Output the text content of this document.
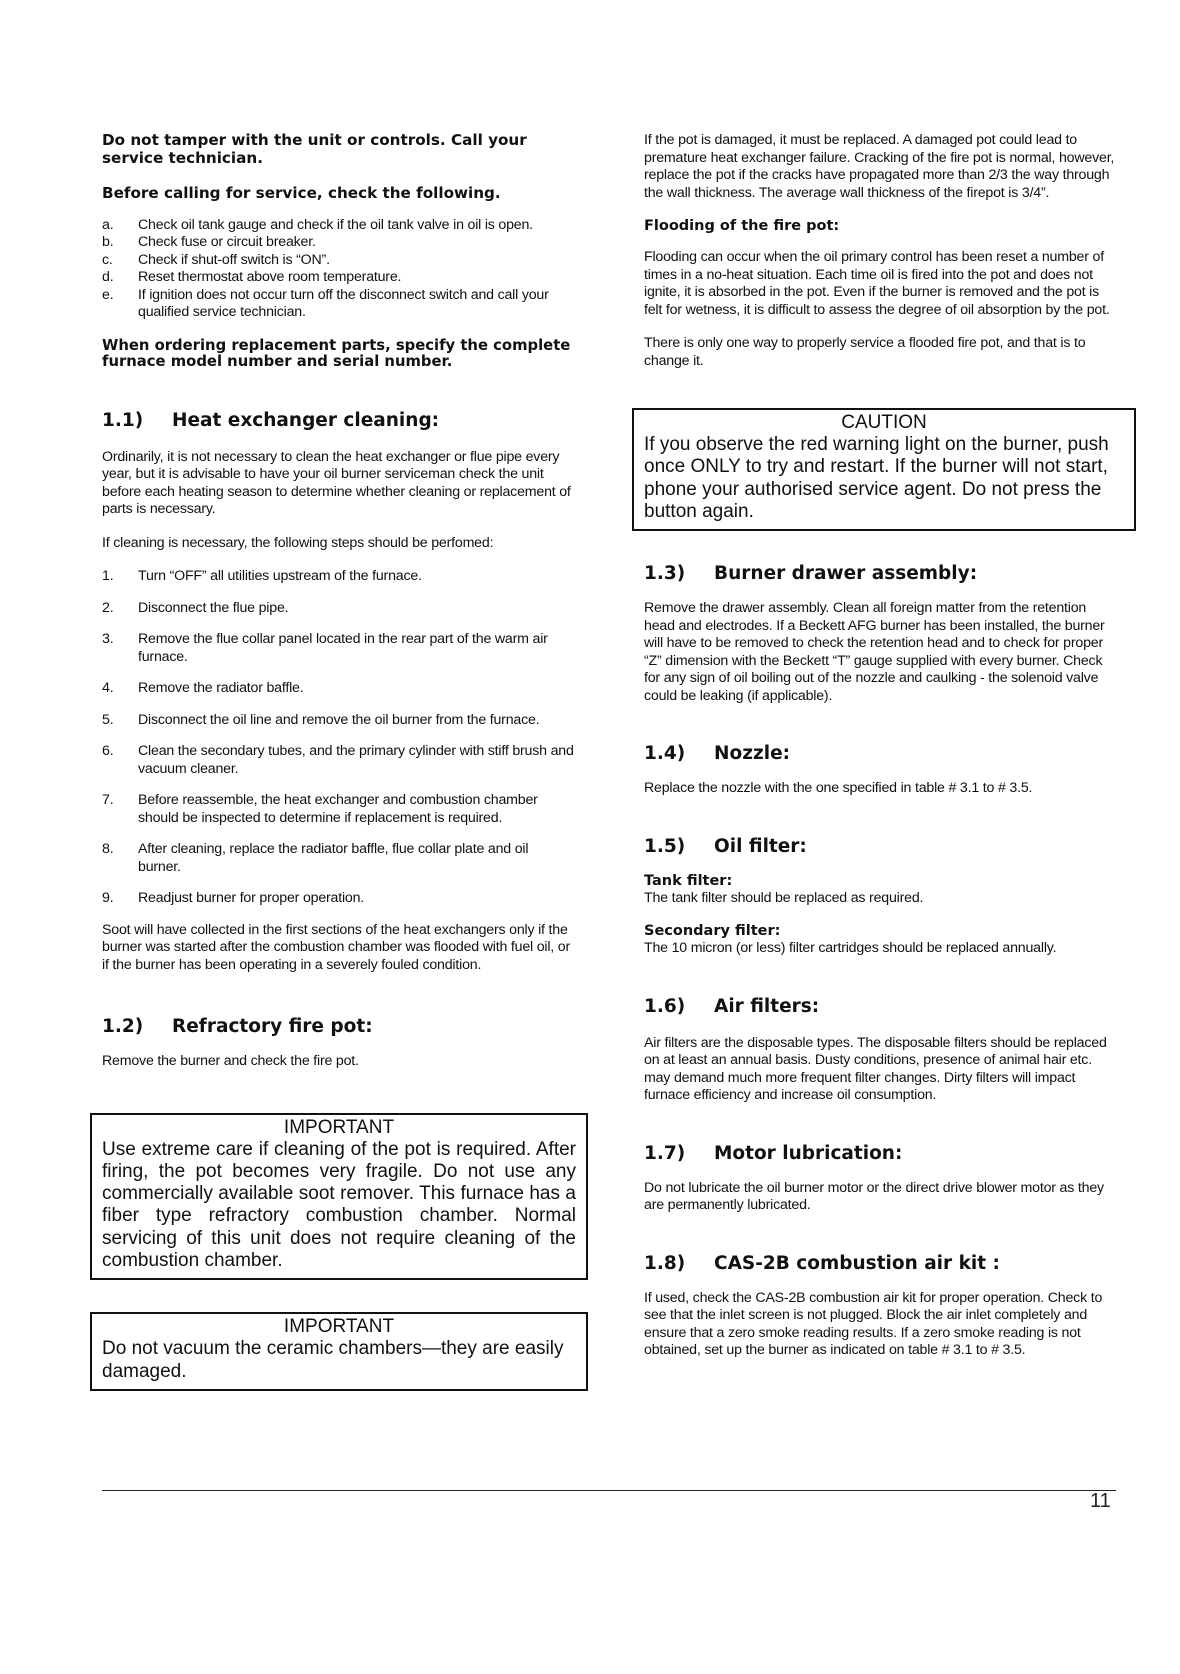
Do not tamper with the unit or controls. Call your service technician.

Before calling for service, check the following.

a. Check oil tank gauge and check if the oil tank valve in oil is open.
b. Check fuse or circuit breaker.
c. Check if shut-off switch is “ON”.
d. Reset thermostat above room temperature.
e. If ignition does not occur turn off the disconnect switch and call your qualified service technician.

When ordering replacement parts, specify the complete furnace model number and serial number.

1.1)	Heat exchanger cleaning:

Ordinarily, it is not necessary to clean the heat exchanger or flue pipe every year, but it is advisable to have your oil burner serviceman check the unit before each heating season to determine whether cleaning or replacement of parts is necessary.

If cleaning is necessary, the following steps should be perfomed:

1. Turn “OFF” all utilities upstream of the furnace.
2. Disconnect the flue pipe.
3. Remove the flue collar panel located in the rear part of the warm air furnace.
4. Remove the radiator baffle.
5. Disconnect the oil line and remove the oil burner from the furnace.
6. Clean the secondary tubes, and the primary cylinder with stiff brush and vacuum cleaner.
7. Before reassemble, the heat exchanger and combustion chamber should be inspected to determine if replacement is required.
8. After cleaning, replace the radiator baffle, flue collar plate and oil burner.
9. Readjust burner for proper operation.

Soot will have collected in the first sections of the heat exchangers only if the burner was started after the combustion chamber was flooded with fuel oil, or if the burner has been operating in a severely fouled condition.

1.2)	Refractory fire pot:

Remove the burner and check the fire pot.

IMPORTANT
Use extreme care if cleaning of the pot is required. After firing, the pot becomes very fragile. Do not use any commercially available soot remover. This furnace has a fiber type refractory combustion chamber. Normal servicing of this unit does not require cleaning of the combustion chamber.
IMPORTANT
Do not vacuum the ceramic chambers—they are easily damaged.

If the pot is damaged, it must be replaced. A damaged pot could lead to premature heat exchanger failure. Cracking of the fire pot is normal, however, replace the pot if the cracks have propagated more than 2/3 the way through the wall thickness. The average wall thickness of the firepot is 3/4”.

Flooding of the fire pot:

Flooding can occur when the oil primary control has been reset a number of times in a no-heat situation. Each time oil is fired into the pot and does not ignite, it is absorbed in the pot. Even if the burner is removed and the pot is felt for wetness, it is difficult to assess the degree of oil absorption by the pot.

There is only one way to properly service a flooded fire pot, and that is to change it.

CAUTION
If you observe the red warning light on the burner, push once ONLY to try and restart. If the burner will not start, phone your authorised service agent. Do not press the button again.
1.3)	Burner drawer assembly:

Remove the drawer assembly. Clean all foreign matter from the retention head and electrodes. If a Beckett AFG burner has been installed, the burner will have to be removed to check the retention head and to check for proper “Z” dimension with the Beckett “T” gauge supplied with every burner. Check for any sign of oil boiling out of the nozzle and caulking - the solenoid valve could be leaking (if applicable).

1.4)	Nozzle:

Replace the nozzle with the one specified in table # 3.1 to # 3.5.

1.5)	Oil filter:

Tank filter:

The tank filter should be replaced as required.

Secondary filter:

The 10 micron (or less) filter cartridges should be replaced annually.

1.6)	Air filters:

Air filters are the disposable types. The disposable filters should be replaced on at least an annual basis. Dusty conditions, presence of animal hair etc. may demand much more frequent filter changes. Dirty filters will impact furnace efficiency and increase oil consumption.

1.7)	Motor lubrication:

Do not lubricate the oil burner motor or the direct drive blower motor as they are permanently lubricated.

1.8)	CAS-2B combustion air kit :

If used, check the CAS-2B combustion air kit for proper operation. Check to see that the inlet screen is not plugged. Block the air inlet completely and ensure that a zero smoke reading results. If a zero smoke reading is not obtained, set up the burner as indicated on table # 3.1 to # 3.5.

11
